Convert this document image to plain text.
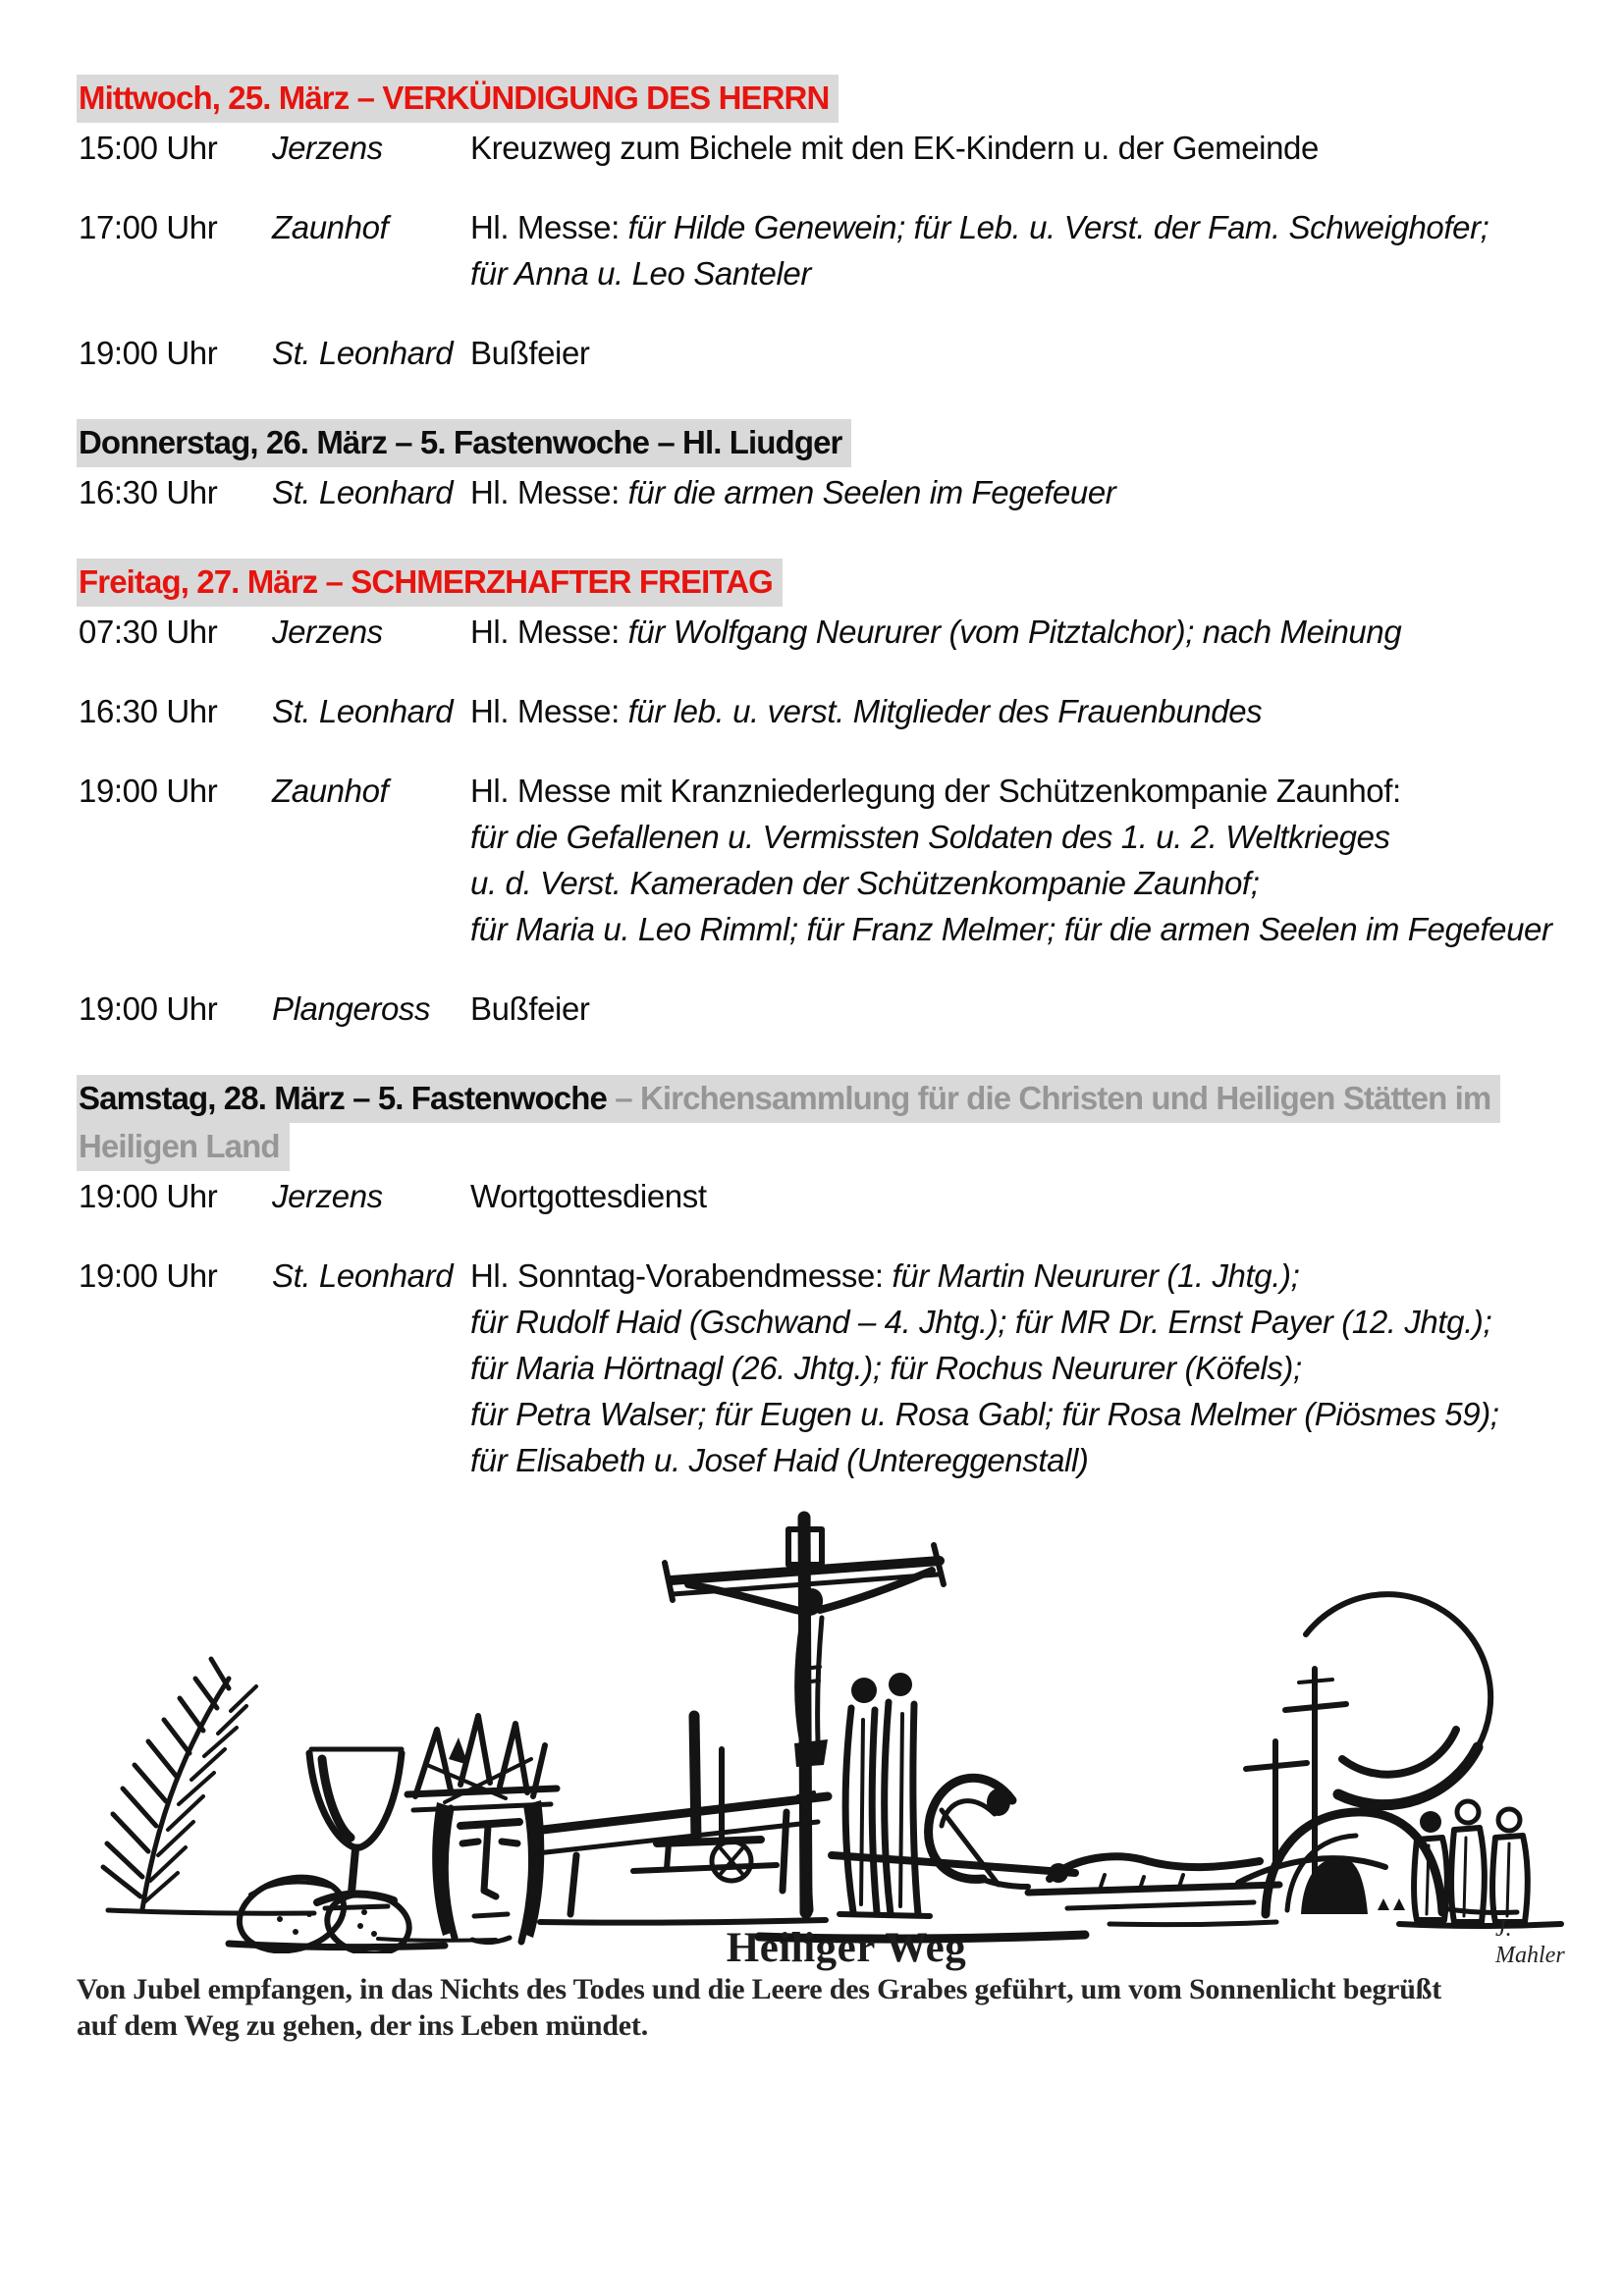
Mittwoch, 25. März – VERKÜNDIGUNG DES HERRN
15:00 Uhr	Jerzens	Kreuzweg zum Bichele mit den EK-Kindern u. der Gemeinde
17:00 Uhr	Zaunhof	Hl. Messe: für Hilde Genewein; für Leb. u. Verst. der Fam. Schweighofer;
für Anna u. Leo Santeler
19:00 Uhr	St. Leonhard Bußfeier
Donnerstag, 26. März – 5. Fastenwoche – Hl. Liudger
16:30 Uhr	St. Leonhard Hl. Messe: für die armen Seelen im Fegefeuer
Freitag, 27. März – SCHMERZHAFTER FREITAG
07:30 Uhr	Jerzens	Hl. Messe: für Wolfgang Neururer (vom Pitztalchor); nach Meinung
16:30 Uhr	St. Leonhard Hl. Messe: für leb. u. verst. Mitglieder des Frauenbundes
19:00 Uhr	Zaunhof	Hl. Messe mit Kranzniederlegung der Schützenkompanie Zaunhof:
für die Gefallenen u. Vermissten Soldaten des 1. u. 2. Weltkrieges
u. d. Verst. Kameraden der Schützenkompanie Zaunhof;
für Maria u. Leo Rimml; für Franz Melmer; für die armen Seelen im Fegefeuer
19:00 Uhr	Plangeross	Bußfeier
Samstag, 28. März – 5. Fastenwoche – Kirchensammlung für die Christen und Heiligen Stätten im
Heiligen Land
19:00 Uhr	Jerzens	Wortgottesdienst
19:00 Uhr	St. Leonhard Hl. Sonntag-Vorabendmesse: für Martin Neururer (1. Jhtg.);
für Rudolf Haid (Gschwand – 4. Jhtg.); für MR Dr. Ernst Payer (12. Jhtg.);
für Maria Hörtnagl (26. Jhtg.); für Rochus Neururer (Köfels);
für Petra Walser; für Eugen u. Rosa Gabl; für Rosa Melmer (Piösmes 59);
für Elisabeth u. Josef Haid (Untereggenstall)
J. Mahler
Heiliger Weg
Von Jubel empfangen, in das Nichts des Todes und die Leere des Grabes geführt, um vom Sonnenlicht begrüßt
auf dem Weg zu gehen, der ins Leben mündet.
